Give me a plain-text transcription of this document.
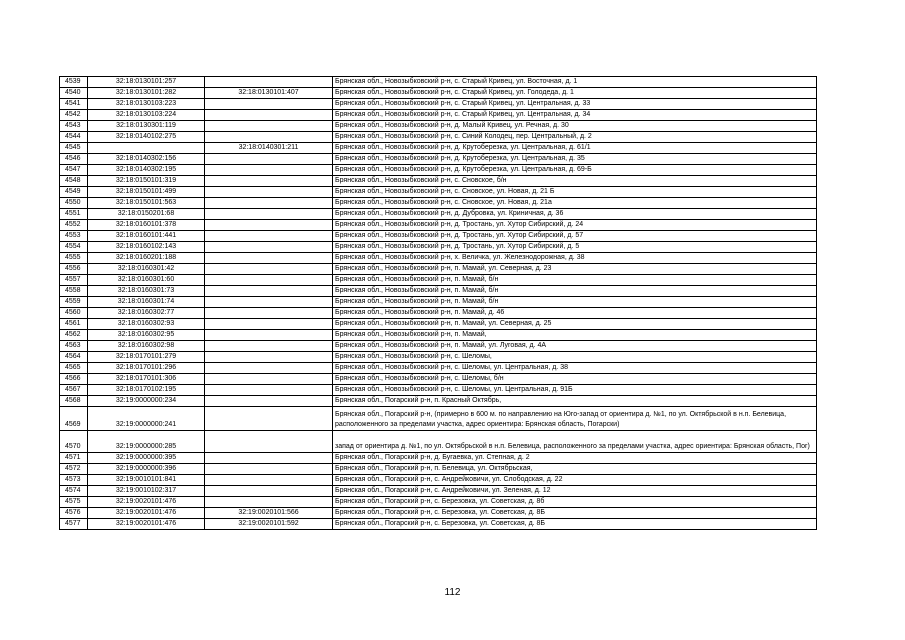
4539	32:18:0130101:257		Брянская обл., Новозыбковский р-н, с. Старый Кривец, ул. Восточная, д. 1
4540	32:18:0130101:282	32:18:0130101:407	Брянская обл., Новозыбковский р-н, с. Старый Кривец, ул. Голодеда, д. 1
4541	32:18:0130103:223		Брянская обл., Новозыбковский р-н, с. Старый Кривец, ул. Центральная, д. 33
4542	32:18:0130103:224		Брянская обл., Новозыбковский р-н, с. Старый Кривец, ул. Центральная, д. 34
4543	32:18:0130301:119		Брянская обл., Новозыбковский р-н, д. Малый Кривец, ул. Речная, д. 30
4544	32:18:0140102:275		Брянская обл., Новозыбковский р-н, с. Синий Колодец, пер. Центральный, д. 2
4545		32:18:0140301:211	Брянская обл., Новозыбковский р-н, д. Крутоберезка, ул. Центральная, д. 61/1
4546	32:18:0140302:156		Брянская обл., Новозыбковский р-н, д. Крутоберезка, ул. Центральная, д. 35
4547	32:18:0140302:195		Брянская обл., Новозыбковский р-н, д. Крутоберезка, ул. Центральная, д. 69-Б
4548	32:18:0150101:319		Брянская обл., Новозыбковский р-н, с. Сновское, б/н
4549	32:18:0150101:499		Брянская обл., Новозыбковский р-н, с. Сновское, ул. Новая, д. 21 Б
4550	32:18:0150101:563		Брянская обл., Новозыбковский р-н, с. Сновское, ул. Новая, д. 21а
4551	32:18:0150201:68		Брянская обл., Новозыбковский р-н, д. Дубровка, ул. Криничная, д. 36
4552	32:18:0160101:378		Брянская обл., Новозыбковский р-н, д. Тростань, ул. Хутор Сибирский, д. 24
4553	32:18:0160101:441		Брянская обл., Новозыбковский р-н, д. Тростань, ул. Хутор Сибирский, д. 57
4554	32:18:0160102:143		Брянская обл., Новозыбковский р-н, д. Тростань, ул. Хутор Сибирский, д. 5
4555	32:18:0160201:188		Брянская обл., Новозыбковский р-н, х. Величка, ул. Железнодорожная, д. 38
4556	32:18:0160301:42		Брянская обл., Новозыбковский р-н, п. Мамай, ул. Северная, д. 23
4557	32:18:0160301:60		Брянская обл., Новозыбковский р-н, п. Мамай, б/н
4558	32:18:0160301:73		Брянская обл., Новозыбковский р-н, п. Мамай, б/н
4559	32:18:0160301:74		Брянская обл., Новозыбковский р-н, п. Мамай, б/н
4560	32:18:0160302:77		Брянская обл., Новозыбковский р-н, п. Мамай, д. 46
4561	32:18:0160302:93		Брянская обл., Новозыбковский р-н, п. Мамай, ул. Северная, д. 25
4562	32:18:0160302:95		Брянская обл., Новозыбковский р-н, п. Мамай,
4563	32:18:0160302:98		Брянская обл., Новозыбковский р-н, п. Мамай, ул. Луговая, д. 4А
4564	32:18:0170101:279		Брянская обл., Новозыбковский р-н, с. Шеломы,
4565	32:18:0170101:296		Брянская обл., Новозыбковский р-н, с. Шеломы, ул. Центральная, д. 38
4566	32:18:0170101:306		Брянская обл., Новозыбковский р-н, с. Шеломы, б/н
4567	32:18:0170102:195		Брянская обл., Новозыбковский р-н, с. Шеломы, ул. Центральная, д. 91Б
4568	32:19:0000000:234		Брянская обл., Погарский р-н, п. Красный Октябрь,
4569	32:19:0000000:241		Брянская обл., Погарский р-н, (примерно в 600 м. по направлению на Юго-запад от ориентира д. №1, по ул. Октябрьской в н.п. Белевица, расположенного за пределами участка, адрес ориентира: Брянская область, Погарски)
4570	32:19:0000000:285		запад от ориентира д. №1, по ул. Октябрьской в н.п. Белевица, расположенного за пределами участка, адрес ориентира: Брянская область, Пог)
4571	32:19:0000000:395		Брянская обл., Погарский р-н, д. Бугаевка, ул. Степная, д. 2
4572	32:19:0000000:396		Брянская обл., Погарский р-н, п. Белевица, ул. Октябрьская,
4573	32:19:0010101:841		Брянская обл., Погарский р-н, с. Андрейковичи, ул. Слободская, д. 22
4574	32:19:0010102:317		Брянская обл., Погарский р-н, с. Андрейковичи, ул. Зеленая, д. 12
4575	32:19:0020101:476		Брянская обл., Погарский р-н, с. Березовка, ул. Советская, д. 8б
4576	32:19:0020101:476	32:19:0020101:566	Брянская обл., Погарский р-н, с. Березовка, ул. Советская, д. 8Б
4577	32:19:0020101:476	32:19:0020101:592	Брянская обл., Погарский р-н, с. Березовка, ул. Советская, д. 8Б
112
